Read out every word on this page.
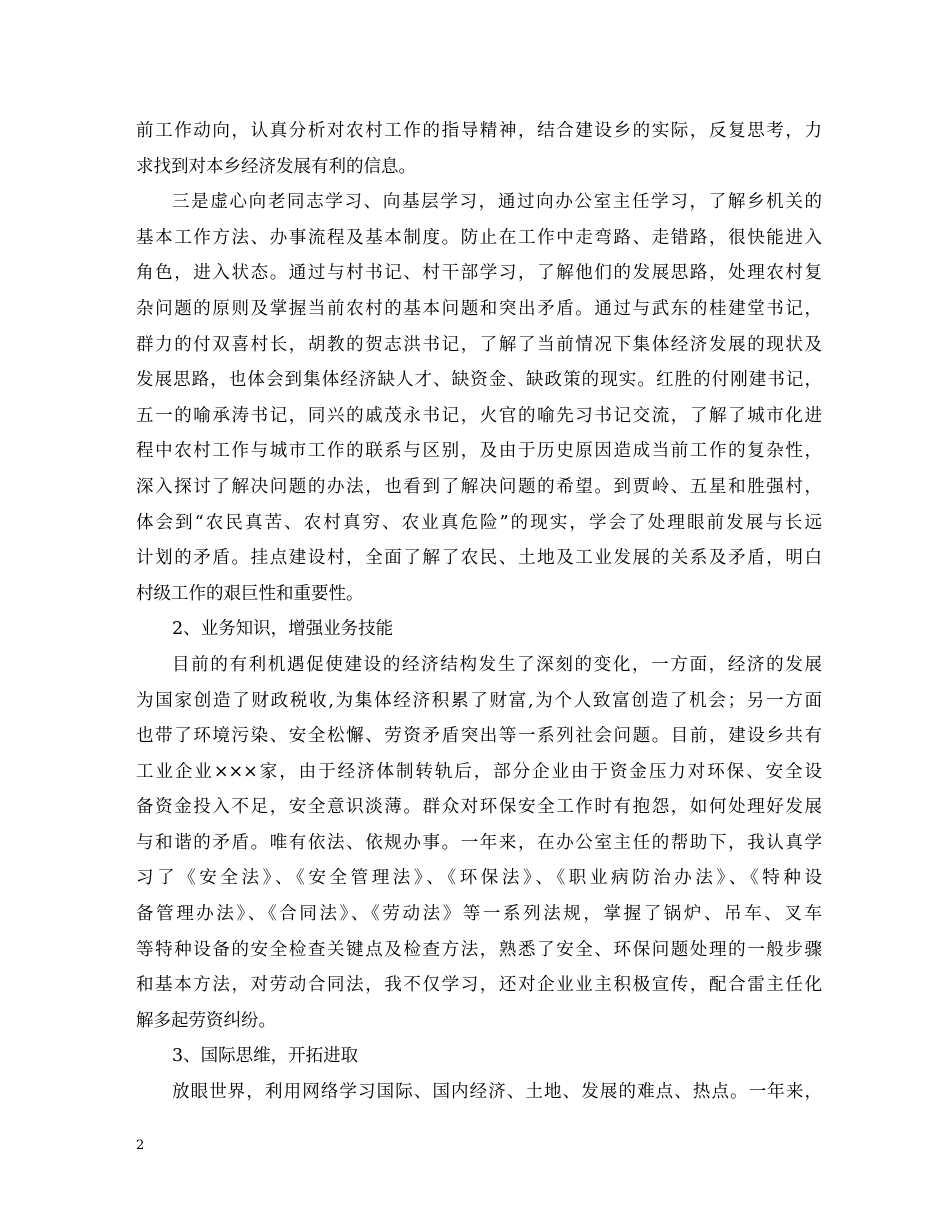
前工作动向，认真分析对农村工作的指导精神，结合建设乡的实际，反复思考，力
求找到对本乡经济发展有利的信息。
三是虚心向老同志学习、向基层学习，通过向办公室主任学习，了解乡机关的
基本工作方法、办事流程及基本制度。防止在工作中走弯路、走错路，很快能进入
角色，进入状态。通过与村书记、村干部学习，了解他们的发展思路，处理农村复
杂问题的原则及掌握当前农村的基本问题和突出矛盾。通过与武东的桂建堂书记，
群力的付双喜村长，胡教的贺志洪书记，了解了当前情况下集体经济发展的现状及
发展思路，也体会到集体经济缺人才、缺资金、缺政策的现实。红胜的付刚建书记，
五一的喻承涛书记，同兴的戚茂永书记，火官的喻先习书记交流，了解了城市化进
程中农村工作与城市工作的联系与区别，及由于历史原因造成当前工作的复杂性，
深入探讨了解决问题的办法，也看到了解决问题的希望。到贾岭、五星和胜强村，
体会到“农民真苦、农村真穷、农业真危险”的现实，学会了处理眼前发展与长远
计划的矛盾。挂点建设村，全面了解了农民、土地及工业发展的关系及矛盾，明白
村级工作的艰巨性和重要性。
2、业务知识，增强业务技能
目前的有利机遇促使建设的经济结构发生了深刻的变化，一方面，经济的发展
为国家创造了财政税收,为集体经济积累了财富,为个人致富创造了机会；另一方面
也带了环境污染、安全松懈、劳资矛盾突出等一系列社会问题。目前，建设乡共有
工业企业×××家，由于经济体制转轨后，部分企业由于资金压力对环保、安全设
备资金投入不足，安全意识淡薄。群众对环保安全工作时有抱怨，如何处理好发展
与和谐的矛盾。唯有依法、依规办事。一年来，在办公室主任的帮助下，我认真学
习了《安全法》、《安全管理法》、《环保法》、《职业病防治办法》、《特种设
备管理办法》、《合同法》、《劳动法》等一系列法规，掌握了锅炉、吊车、叉车
等特种设备的安全检查关键点及检查方法，熟悉了安全、环保问题处理的一般步骤
和基本方法，对劳动合同法，我不仅学习，还对企业业主积极宣传，配合雷主任化
解多起劳资纠纷。
3、国际思维，开拓进取
放眼世界，利用网络学习国际、国内经济、土地、发展的难点、热点。一年来，
2
